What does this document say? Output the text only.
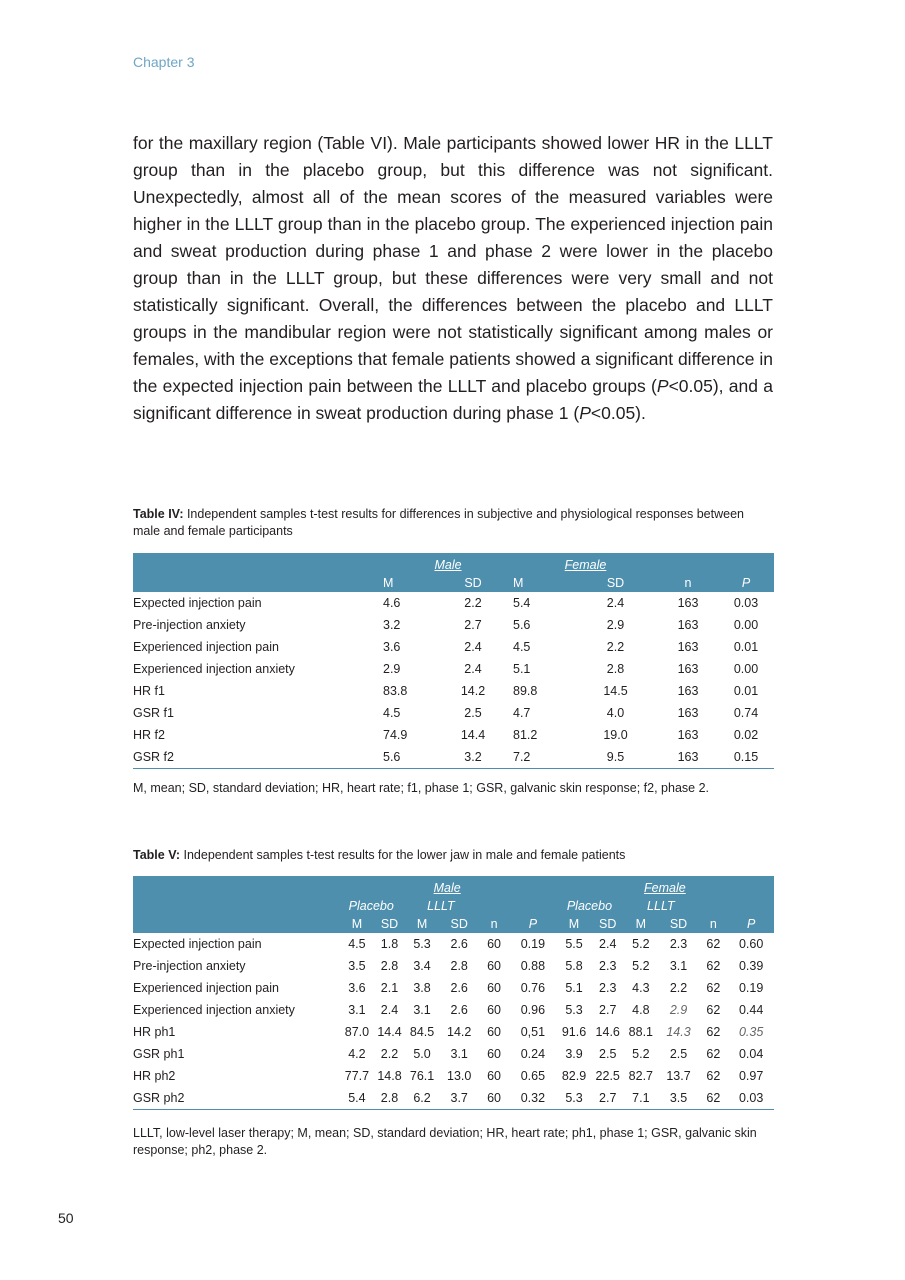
Chapter 3
for the maxillary region (Table VI). Male participants showed lower HR in the LLLT group than in the placebo group, but this difference was not significant. Unexpectedly, almost all of the mean scores of the measured variables were higher in the LLLT group than in the placebo group. The experienced injection pain and sweat production during phase 1 and phase 2 were lower in the placebo group than in the LLLT group, but these differences were very small and not statistically significant. Overall, the differences between the placebo and LLLT groups in the mandibular region were not statistically significant among males or females, with the exceptions that female patients showed a significant difference in the expected injection pain between the LLLT and placebo groups (P<0.05), and a significant difference in sweat production during phase 1 (P<0.05).
Table IV: Independent samples t-test results for differences in subjective and physiological responses between male and female participants
	Male		Female			
	M	SD	M	SD	n	P
Expected injection pain	4.6	2.2	5.4	2.4	163	0.03
Pre-injection anxiety	3.2	2.7	5.6	2.9	163	0.00
Experienced injection pain	3.6	2.4	4.5	2.2	163	0.01
Experienced injection anxiety	2.9	2.4	5.1	2.8	163	0.00
HR f1	83.8	14.2	89.8	14.5	163	0.01
GSR f1	4.5	2.5	4.7	4.0	163	0.74
HR f2	74.9	14.4	81.2	19.0	163	0.02
GSR f2	5.6	3.2	7.2	9.5	163	0.15
M, mean; SD, standard deviation; HR, heart rate; f1, phase 1; GSR, galvanic skin response; f2, phase 2.
Table V: Independent samples t-test results for the lower jaw in male and female patients
	Male						Female					
	Placebo		LLLT				Placebo		LLLT			
	M	SD	M	SD	n	P	M	SD	M	SD	n	P
Expected injection pain	4.5	1.8	5.3	2.6	60	0.19	5.5	2.4	5.2	2.3	62	0.60
Pre-injection anxiety	3.5	2.8	3.4	2.8	60	0.88	5.8	2.3	5.2	3.1	62	0.39
Experienced injection pain	3.6	2.1	3.8	2.6	60	0.76	5.1	2.3	4.3	2.2	62	0.19
Experienced injection anxiety	3.1	2.4	3.1	2.6	60	0.96	5.3	2.7	4.8	2.9	62	0.44
HR ph1	87.0	14.4	84.5	14.2	60	0,51	91.6	14.6	88.1	14.3	62	0.35
GSR ph1	4.2	2.2	5.0	3.1	60	0.24	3.9	2.5	5.2	2.5	62	0.04
HR ph2	77.7	14.8	76.1	13.0	60	0.65	82.9	22.5	82.7	13.7	62	0.97
GSR ph2	5.4	2.8	6.2	3.7	60	0.32	5.3	2.7	7.1	3.5	62	0.03
LLLT, low-level laser therapy; M, mean; SD, standard deviation; HR, heart rate; ph1, phase 1; GSR, galvanic skin response; ph2, phase 2.
50
